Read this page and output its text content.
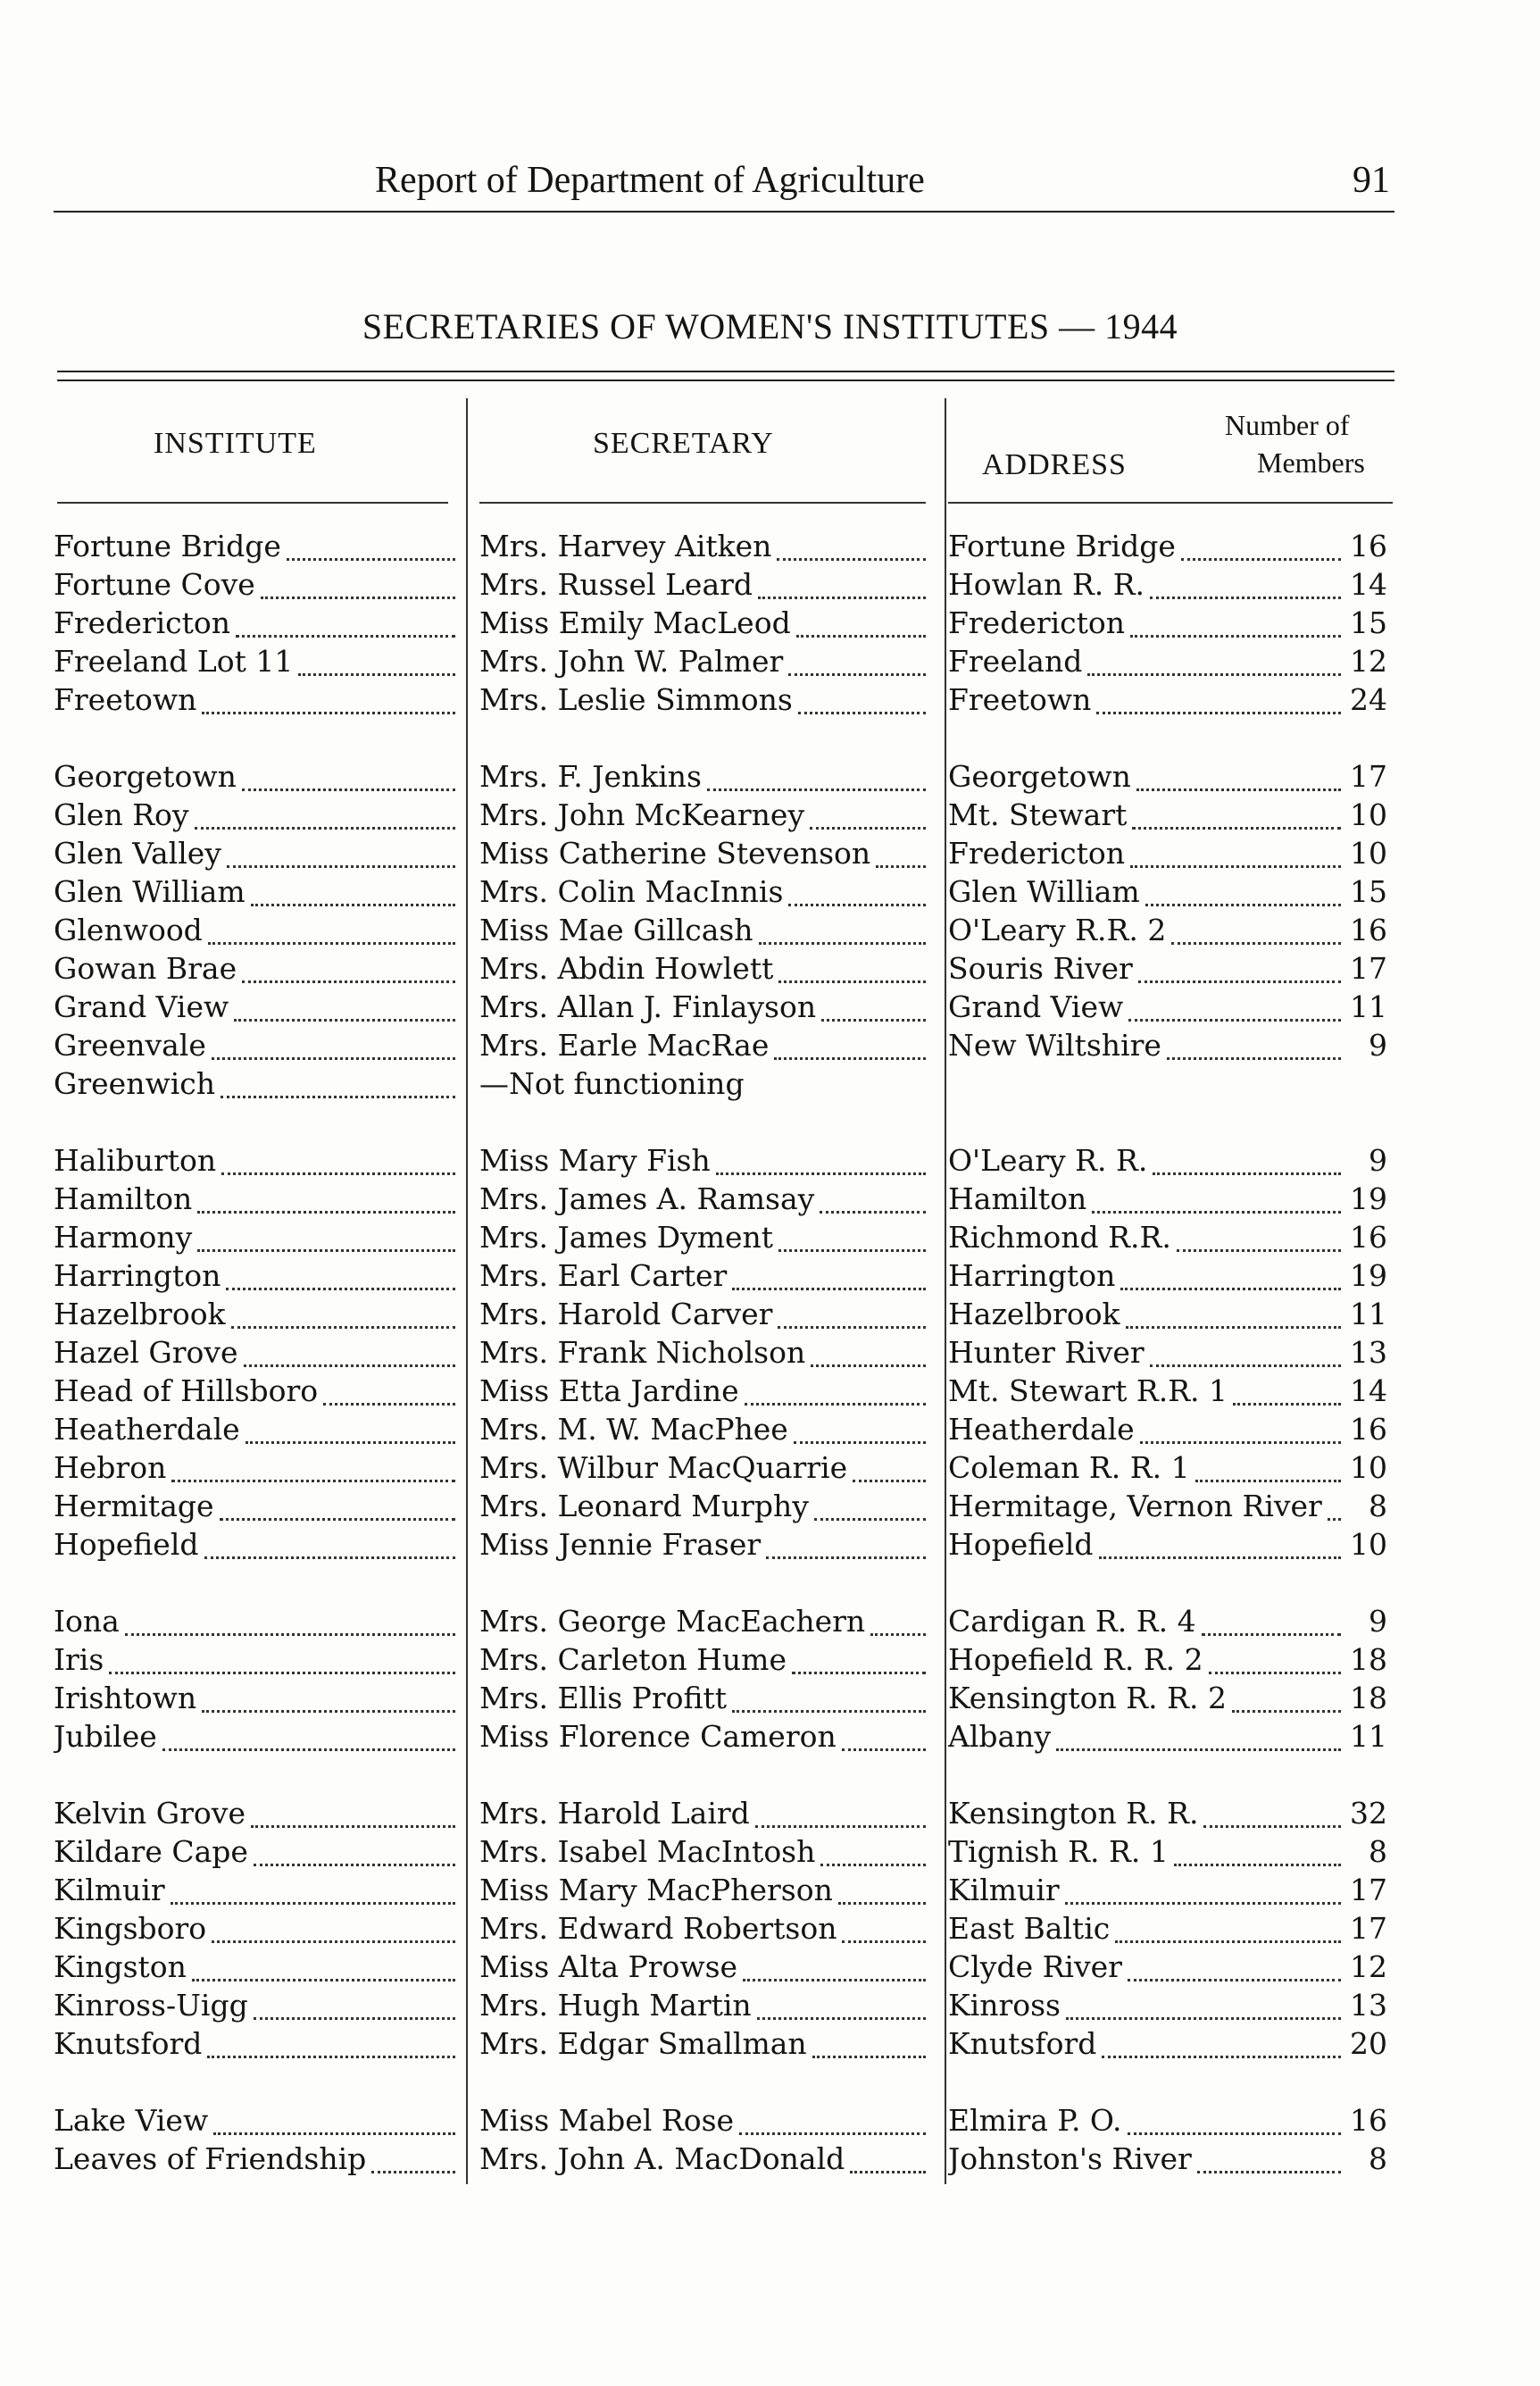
Report of Department of Agriculture	91
SECRETARIES OF WOMEN'S INSTITUTES — 1944
INSTITUTE	SECRETARY
ADDRESS
Number of
Members
Fortune Bridge	Mrs. Harvey Aitken	Fortune Bridge	16
Fortune Cove	Mrs. Russel Leard	Howlan R. R.	14
Fredericton	Miss Emily MacLeod	Fredericton	15
Freeland Lot 11	Mrs. John W. Palmer	Freeland	12
Freetown	Mrs. Leslie Simmons	Freetown	24
Georgetown	Mrs. F. Jenkins	Georgetown	17
Glen Roy	Mrs. John McKearney	Mt. Stewart	10
Glen Valley	Miss Catherine Stevenson	Fredericton	10
Glen William	Mrs. Colin MacInnis	Glen William	15
Glenwood	Miss Mae Gillcash	O'Leary R.R. 2	16
Gowan Brae	Mrs. Abdin Howlett	Souris River	17
Grand View	Mrs. Allan J. Finlayson	Grand View	11
Greenvale	Mrs. Earle MacRae	New Wiltshire	9
Greenwich	—Not functioning
Haliburton	Miss Mary Fish	O'Leary R. R.	9
Hamilton	Mrs. James A. Ramsay	Hamilton	19
Harmony	Mrs. James Dyment	Richmond R.R.	16
Harrington	Mrs. Earl Carter	Harrington	19
Hazelbrook	Mrs. Harold Carver	Hazelbrook	11
Hazel Grove	Mrs. Frank Nicholson	Hunter River	13
Head of Hillsboro	Miss Etta Jardine	Mt. Stewart R.R. 1	14
Heatherdale	Mrs. M. W. MacPhee	Heatherdale	16
Hebron	Mrs. Wilbur MacQuarrie	Coleman R. R. 1	10
Hermitage	Mrs. Leonard Murphy	Hermitage, Vernon River 8
Hopefield	Miss Jennie Fraser	Hopefield	10
Iona	Mrs. George MacEachern	Cardigan R. R. 4	9
Iris	Mrs. Carleton Hume	Hopefield R. R. 2	18
Irishtown	Mrs. Ellis Profitt	Kensington R. R. 2	18
Jubilee	Miss Florence Cameron	Albany	11
Kelvin Grove	Mrs. Harold Laird	Kensington R. R.	32
Kildare Cape	Mrs. Isabel MacIntosh	Tignish R. R. 1	8
Kilmuir	Miss Mary MacPherson	Kilmuir	17
Kingsboro	Mrs. Edward Robertson	East Baltic	17
Kingston	Miss Alta Prowse	Clyde River	12
Kinross-Uigg	Mrs. Hugh Martin	Kinross	13
Knutsford	Mrs. Edgar Smallman	Knutsford	20
Lake View	Miss Mabel Rose	Elmira P. O.	16
Leaves of Friendship	Mrs. John A. MacDonald	Johnston's River	8
